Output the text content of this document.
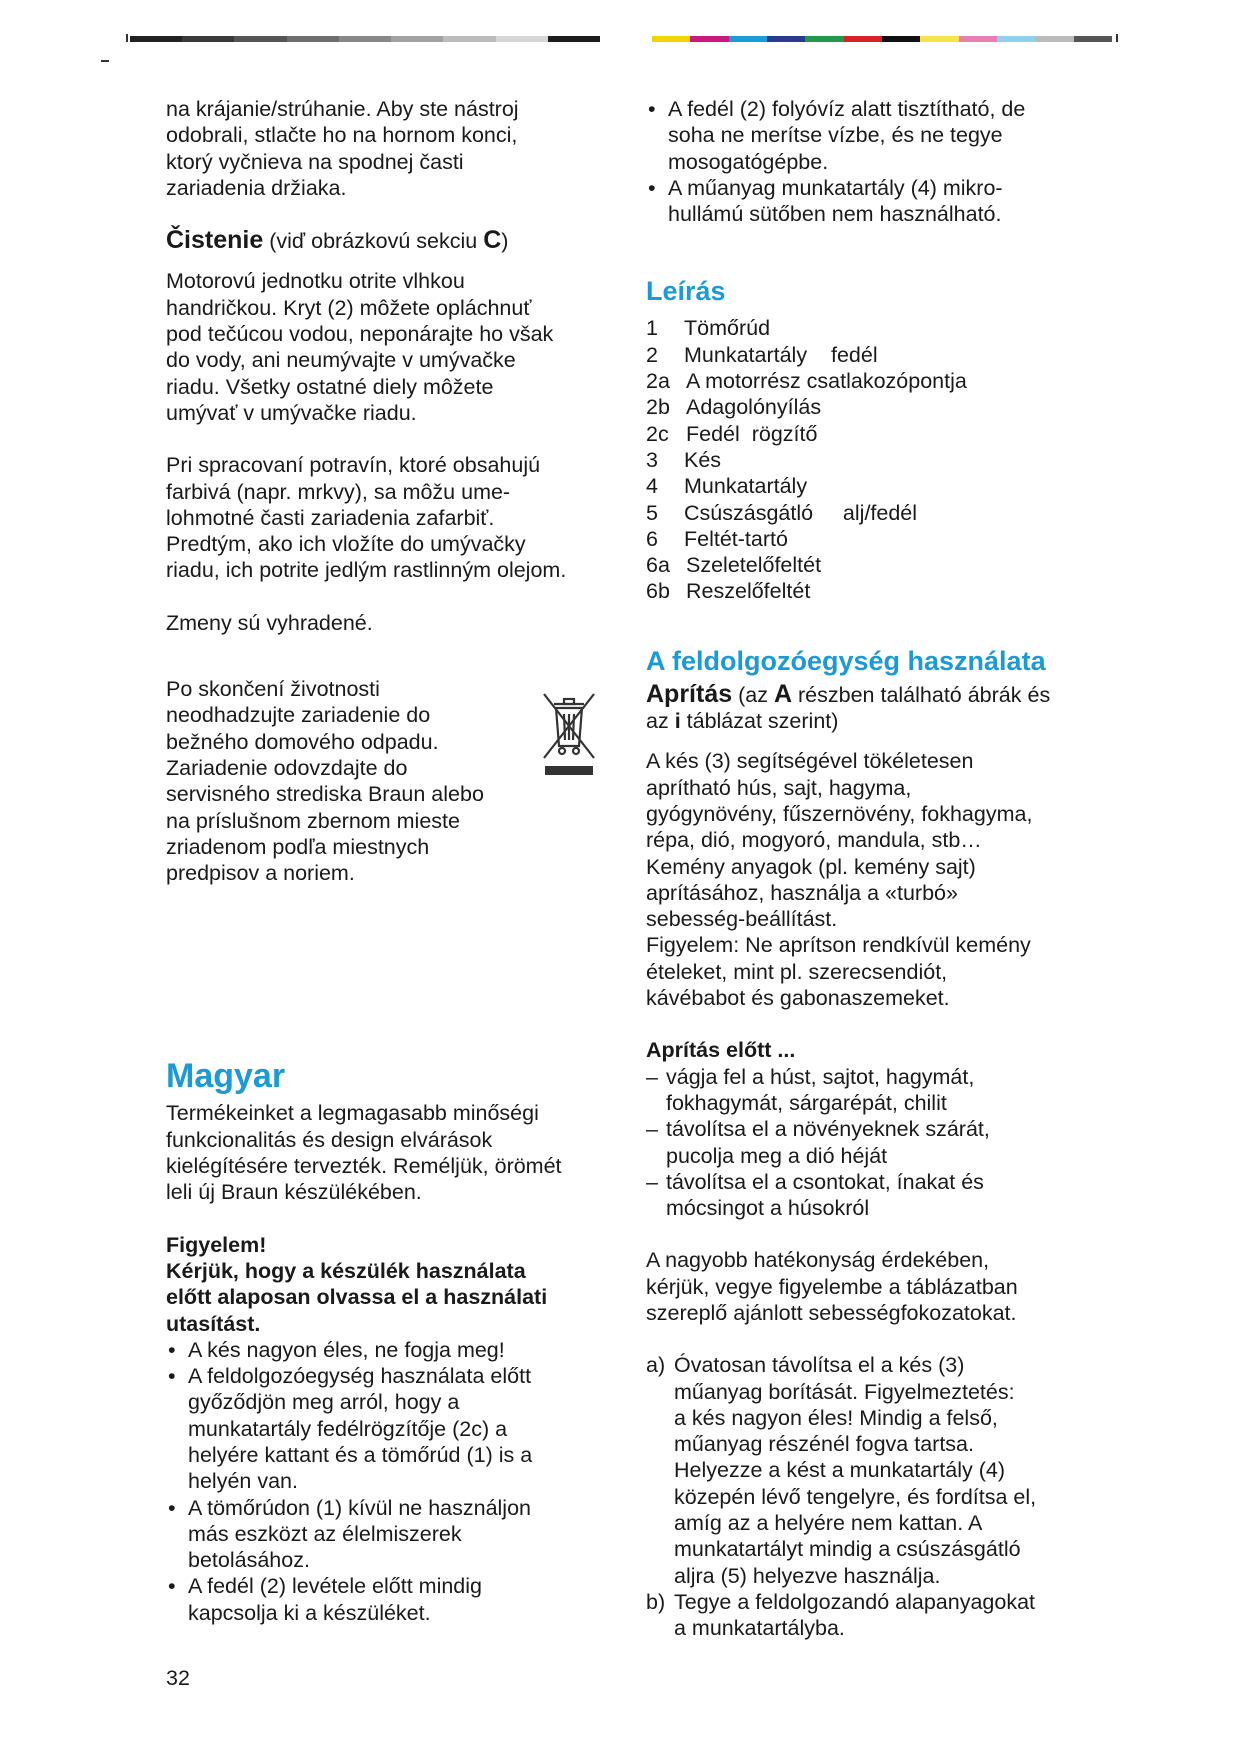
na krájanie/strúhanie. Aby ste nástroj
odobrali, stlačte ho na hornom konci,
ktorý vyčnieva na spodnej časti
zariadenia držiaka.

Čistenie (viď obrázkovú sekciu C)

Motorovú jednotku otrite vlhkou
handričkou. Kryt (2) môžete opláchnuť
pod tečúcou vodou, neponárajte ho však
do vody, ani neumývajte v umývačke
riadu. Všetky ostatné diely môžete
umývať v umývačke riadu.

Pri spracovaní potravín, ktoré obsahujú
farbivá (napr. mrkvy), sa môžu ume-
lohmotné časti zariadenia zafarbiť.
Predtým, ako ich vložíte do umývačky
riadu, ich potrite jedlým rastlinným olejom.

Zmeny sú vyhradené.

Po skončení životnosti
neodhadzujte zariadenie do
bežného domového odpadu.
Zariadenie odovzdajte do
servisného strediska Braun alebo
na príslušnom zbernom mieste
zriadenom podľa miestnych
predpisov a noriem.

Magyar

Termékeinket a legmagasabb minőségi
funkcionalitás és design elvárások
kielégítésére tervezték. Reméljük, örömét
leli új Braun készülékében.

Figyelem!

Kérjük, hogy a készülék használata
előtt alaposan olvassa el a használati
utasítást.

• A kés nagyon éles, ne fogja meg!
• A feldolgozóegység használata előtt
győződjön meg arról, hogy a
munkatartály fedélrögzítője (2c) a
helyére kattant és a tömőrúd (1) is a
helyén van.
• A tömőrúdon (1) kívül ne használjon
más eszközt az élelmiszerek
betolásához.
• A fedél (2) levétele előtt mindig
kapcsolja ki a készüléket.
• A fedél (2) folyóvíz alatt tisztítható, de
soha ne merítse vízbe, és ne tegye
mosogatógépbe.
• A műanyag munkatartály (4) mikro-
hullámú sütőben nem használható.
Leírás
1	Tömőrúd
2	Munkatartály    fedél
2a A motorrész csatlakozópontja
2b Adagolónyílás
2c Fedél  rögzítő
3	Kés
4	Munkatartály
5	Csúszásgátló     alj/fedél
6	Feltét-tartó
6a Szeletelőfeltét
6b Reszelőfeltét
A feldolgozóegység használata

Aprítás (az A részben található ábrák és
az i táblázat szerint)

A kés (3) segítségével tökéletesen
aprítható hús, sajt, hagyma,
gyógynövény, fűszernövény, fokhagyma,
répa, dió, mogyoró, mandula, stb…
Kemény anyagok (pl. kemény sajt)
aprításához, használja a «turbó»
sebesség-beállítást.
Figyelem: Ne aprítson rendkívül kemény
ételeket, mint pl. szerecsendiót,
kávébabot és gabonaszemeket.

Aprítás előtt ...

– vágja fel a húst, sajtot, hagymát,
fokhagymát, sárgarépát, chilit
– távolítsa el a növényeknek szárát,
pucolja meg a dió héját
– távolítsa el a csontokat, ínakat és
mócsingot a húsokról

A nagyobb hatékonyság érdekében,
kérjük, vegye figyelembe a táblázatban
szereplő ajánlott sebességfokozatokat.

a) Óvatosan távolítsa el a kés (3)
műanyag borítását. Figyelmeztetés:
a kés nagyon éles! Mindig a felső,
műanyag részénél fogva tartsa.
Helyezze a kést a munkatartály (4)
közepén lévő tengelyre, és fordítsa el,
amíg az a helyére nem kattan. A
munkatartályt mindig a csúszásgátló
aljra (5) helyezve használja.
b) Tegye a feldolgozandó alapanyagokat
a munkatartályba.
32
